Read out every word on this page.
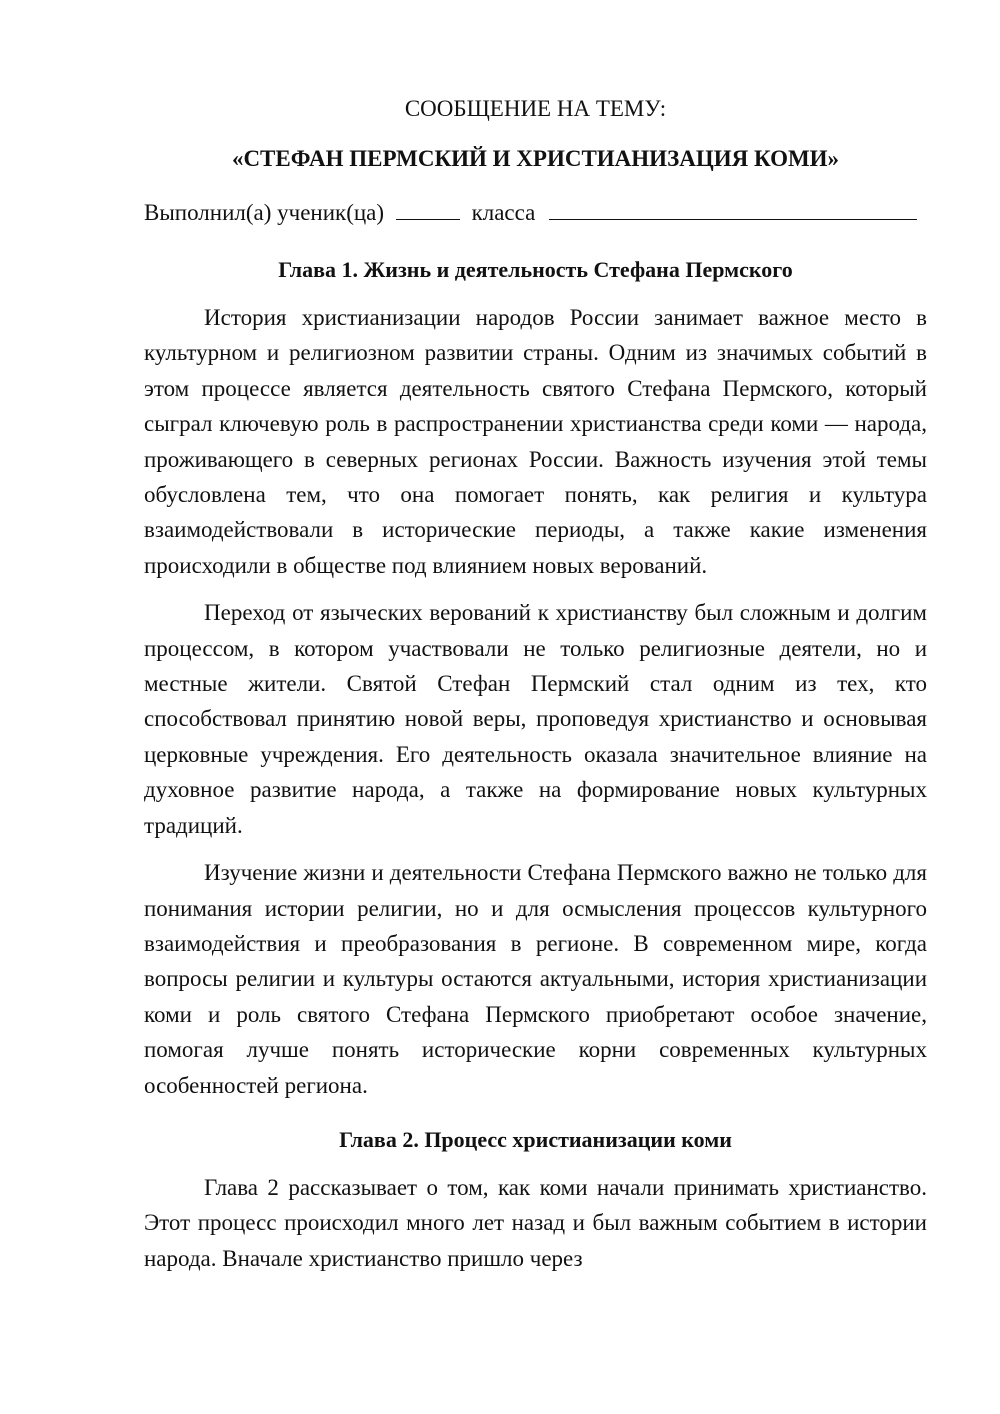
СООБЩЕНИЕ НА ТЕМУ:

«СТЕФАН ПЕРМСКИЙ И ХРИСТИАНИЗАЦИЯ КОМИ»

Выполнил(а) ученик(ца)	класса
Глава 1. Жизнь и деятельность Стефана Пермского

История христианизации народов России занимает важное место в культурном и религиозном развитии страны. Одним из значимых событий в этом процессе является деятельность святого Стефана Пермского, который сыграл ключевую роль в распространении христианства среди коми — народа, проживающего в северных регионах России. Важность изучения этой темы обусловлена тем, что она помогает понять, как религия и культура взаимодействовали в исторические периоды, а также какие изменения происходили в обществе под влиянием новых верований.

Переход от языческих верований к христианству был сложным и долгим процессом, в котором участвовали не только религиозные деятели, но и местные жители. Святой Стефан Пермский стал одним из тех, кто способствовал принятию новой веры, проповедуя христианство и основывая церковные учреждения. Его деятельность оказала значительное влияние на духовное развитие народа, а также на формирование новых культурных традиций.

Изучение жизни и деятельности Стефана Пермского важно не только для понимания истории религии, но и для осмысления процессов культурного взаимодействия и преобразования в регионе. В современном мире, когда вопросы религии и культуры остаются актуальными, история христианизации коми и роль святого Стефана Пермского приобретают особое значение, помогая лучше понять исторические корни современных культурных особенностей региона.

Глава 2. Процесс христианизации коми

Глава 2 рассказывает о том, как коми начали принимать христианство. Этот процесс происходил много лет назад и был важным событием в истории народа. Вначале христианство пришло через
